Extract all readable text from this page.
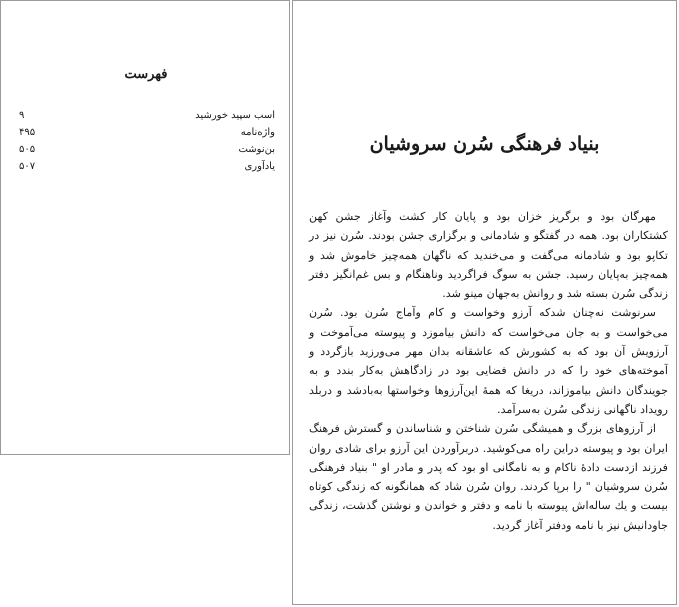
فهرست
اسب سپيد خورشيد
۹
واژه‌نامه
۴۹۵
بن‌نوشت
۵۰۵
يادآوری
۵۰۷
بنياد فرهنگی سُرن سروشيان

مهرگان بود و برگريز خزان بود و پايان کار کشت وآغاز جشن کهن کشتکاران بود. همه در گفتگو و شادمانی و برگزاری جشن بودند. سُرن نيز در تکاپو بود و شادمانه می‌گفت و می‌خنديد که ناگهان همه‌چيز خاموش شد و همه‌چيز به‌پايان رسيد. جشن به سوگ فراگرديد وناهنگام و بس غم‌انگيز دفتر زندگی سُرن بسته شد و روانش به‌جهان مينو شد.

سرنوشت نه‌چنان شدکه آرزو وخواست و کام وآماج سُرن بود. سُرن می‌خواست و به جان می‌خواست که دانش بياموزد و پيوسته می‌آموخت و آرزويش آن بود که به کشورش که عاشقانه بدان مهر می‌ورزيد بازگردد و آموخته‌های خود را که در دانش فضايی بود در زادگاهش به‌کار بندد و به جويندگان دانش بياموزاند، دريغا که همهٔ اين‌آرزوها وخواستها به‌بادشد و دربلد رويداد ناگهانی زندگی سُرن به‌سرآمد.

از آرزوهای بزرگ و هميشگی سُرن شناختن و شناساندن و گسترش فرهنگ ايران بود و پيوسته دراين راه می‌کوشيد. دربرآوردن اين آرزو برای شادی روان فرزند ازدست دادهٔ ناکام و به نامگانی او بود که پدر و مادر او " بنياد فرهنگی سُرن سروشيان " را برپا کردند. روان سُرن شاد که همانگونه که زندگی کوتاه بيست و يك ساله‌اش پيوسته با نامه و دفتر و خواندن و نوشتن گذشت، زندگی جاودانيش نيز با نامه ودفتر آغاز گرديد.
